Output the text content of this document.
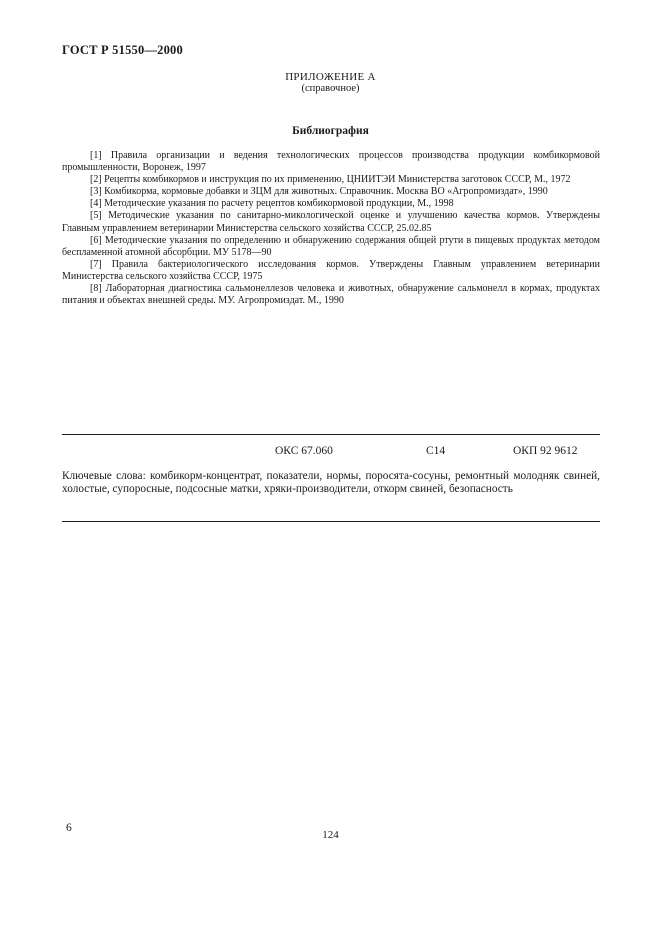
ГОСТ Р 51550—2000
ПРИЛОЖЕНИЕ А
(справочное)
Библиография

[1] Правила организации и ведения технологических процессов производства продукции комбикормовой промышленности, Воронеж, 1997

[2] Рецепты комбикормов и инструкция по их применению, ЦНИИТЭИ Министерства заготовок СССР, М., 1972

[3] Комбикорма, кормовые добавки и ЗЦМ для животных. Справочник. Москва ВО «Агропромиздат», 1990

[4] Методические указания по расчету рецептов комбикормовой продукции, М., 1998

[5] Методические указания по санитарно-микологической оценке и улучшению качества кормов. Утверждены Главным управлением ветеринарии Министерства сельского хозяйства СССР, 25.02.85

[6] Методические указания по определению и обнаружению содержания общей ртути в пищевых продуктах методом беспламенной атомной абсорбции. МУ 5178—90

[7] Правила бактериологического исследования кормов. Утверждены Главным управлением ветеринарии Министерства сельского хозяйства СССР, 1975

[8] Лабораторная диагностика сальмонеллезов человека и животных, обнаружение сальмонелл в кормах, продуктах питания и объектах внешней среды. МУ. Агропромиздат. М., 1990

ОКС 67.060	С14	ОКП 92 9612
Ключевые слова: комбикорм-концентрат, показатели, нормы, поросята-сосуны, ремонтный молодняк свиней, холостые, супоросные, подсосные матки, хряки-производители, откорм свиней, безопасность
6
124
